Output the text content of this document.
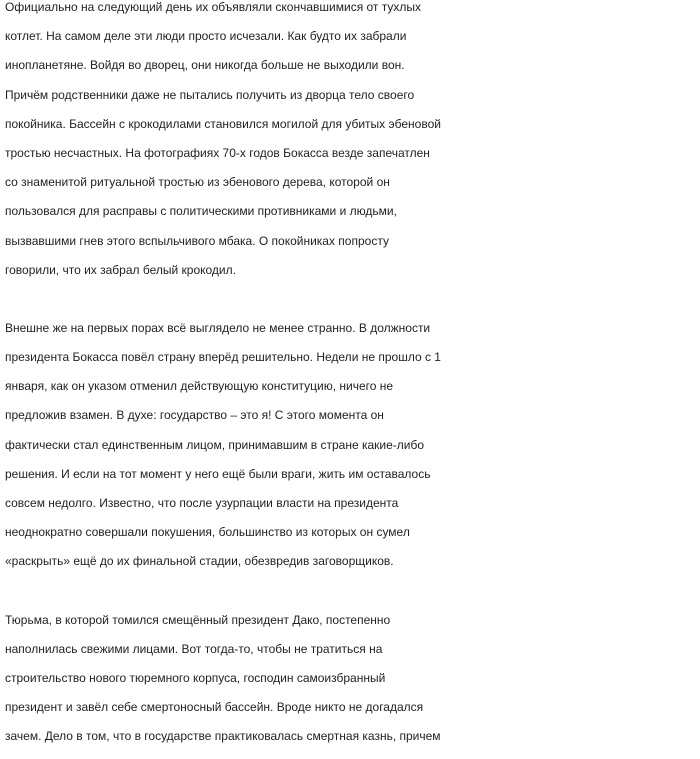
Официально на следующий день их объявляли скончавшимися от тухлых
котлет. На самом деле эти люди просто исчезали. Как будто их забрали
инопланетяне. Войдя во дворец, они никогда больше не выходили вон.
Причём родственники даже не пытались получить из дворца тело своего
покойника. Бассейн с крокодилами становился могилой для убитых эбеновой
тростью несчастных. На фотографиях 70-х годов Бокасса везде запечатлен
со знаменитой ритуальной тростью из эбенового дерева, которой он
пользовался для расправы с политическими противниками и людьми,
вызвавшими гнев этого вспыльчивого мбака. О покойниках попросту
говорили, что их забрал белый крокодил.

Внешне же на первых порах всё выглядело не менее странно. В должности
президента Бокасса повёл страну вперёд решительно. Недели не прошло с 1
января, как он указом отменил действующую конституцию, ничего не
предложив взамен. В духе: государство – это я! С этого момента он
фактически стал единственным лицом, принимавшим в стране какие-либо
решения. И если на тот момент у него ещё были враги, жить им оставалось
совсем недолго. Известно, что после узурпации власти на президента
неоднократно совершали покушения, большинство из которых он сумел
«раскрыть» ещё до их финальной стадии, обезвредив заговорщиков.

Тюрьма, в которой томился смещённый президент Дако, постепенно
наполнилась свежими лицами. Вот тогда-то, чтобы не тратиться на
строительство нового тюремного корпуса, господин самоизбранный
президент и завёл себе смертоносный бассейн. Вроде никто не догадался
зачем. Дело в том, что в государстве практиковалась смертная казнь, причем
